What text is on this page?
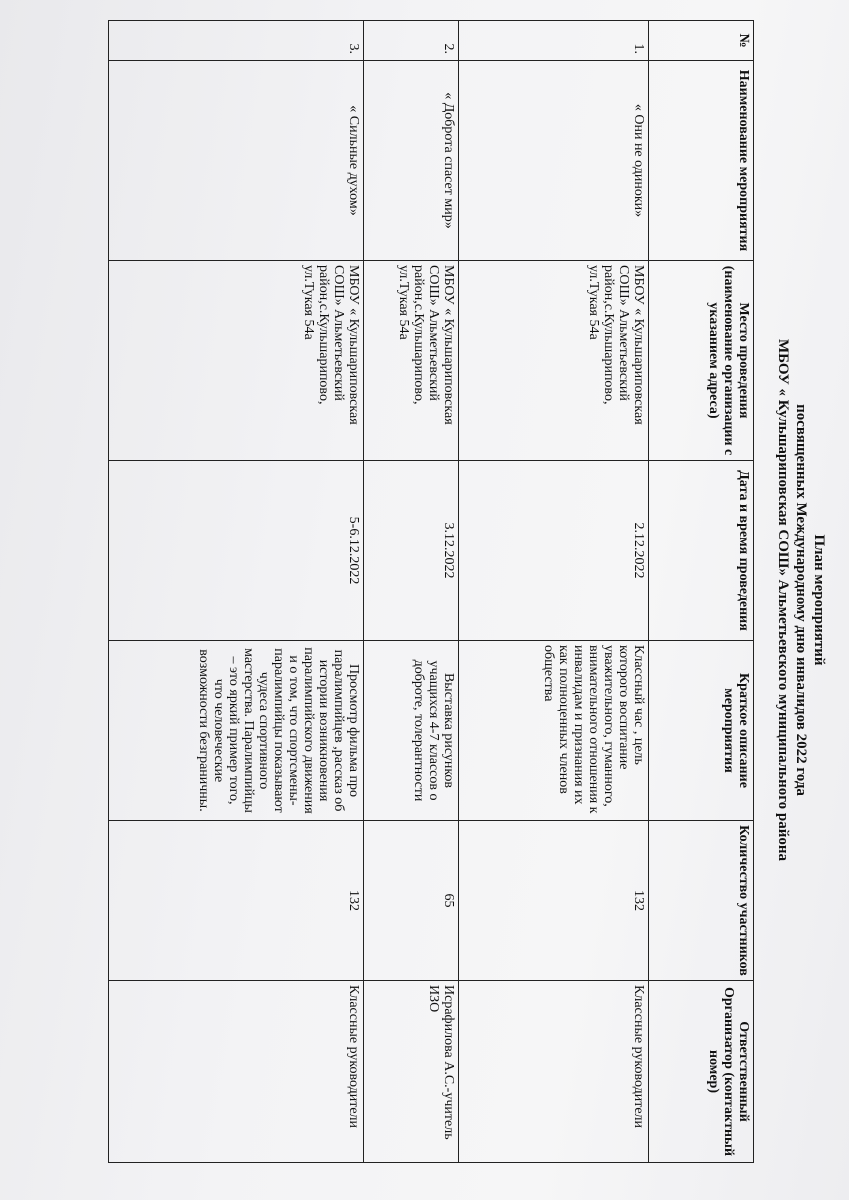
План мероприятий
посвященных Международному дню инвалидов 2022 года
МБОУ « Кульшариповская СОШ» Альметьевского муниципального района
№	Наименование мероприятия	Место проведения (наименование организации с указанием адреса)	Дата и время проведения	Краткое описание мероприятия	Количество участников	Ответственный Организатор (контактный номер)
1.	« Они не одиноки»	МБОУ « Кульшариповская СОШ» Альметьевский район,с.Кульшарипово, ул.Тукая 54а	2.12.2022	Классный час , цель которого воспитание уважительного, гуманного, внимательного отношения к инвалидам и признания их как полноценных членов общества	132	Классные руководители
2.	« Доброта спасет мир»	МБОУ « Кульшариповская СОШ» Альметьевский район,с.Кульшарипово, ул.Тукая 54а	3.12.2022	Выставка рисунков учащихся 4-7 классов о доброте, толерантности	65	Исрафилова А.С.-учитель ИЗО
3.	« Сильные духом»	МБОУ « Кульшариповская СОШ» Альметьевский район,с.Кульшарипово, ул.Тукая 54а	5-6.12.2022	Просмотр фильма про паралимпийцев ,рассказ об истории возникновения паралимпийского движения и о том, что спортсмены-паралимпийцы показывают чудеса спортивного мастерства. Паралимпийцы – это яркий пример того, что человеческие возможности безграничны.	132	Классные руководители
